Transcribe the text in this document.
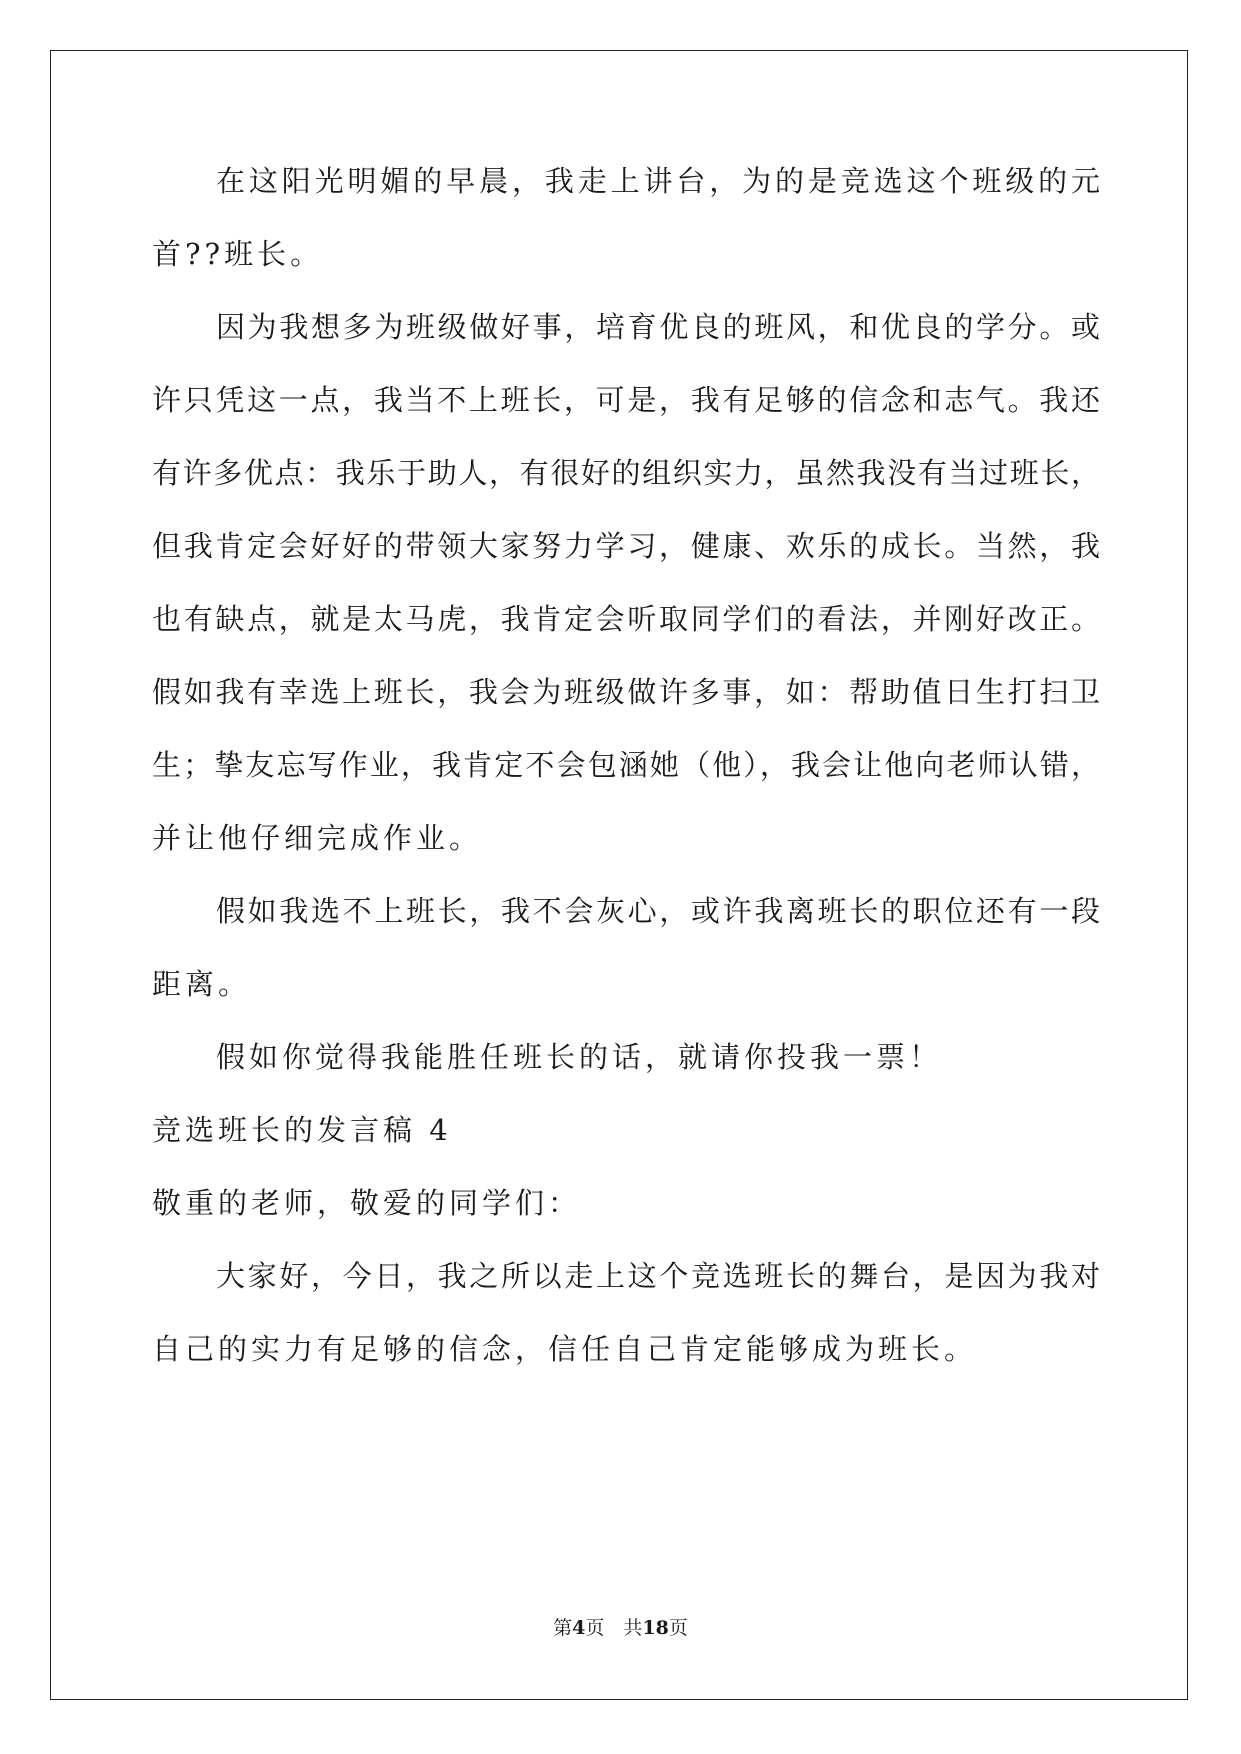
在这阳光明媚的早晨，我走上讲台，为的是竞选这个班级的元
首??班长。
因为我想多为班级做好事，培育优良的班风，和优良的学分。或
许只凭这一点，我当不上班长，可是，我有足够的信念和志气。我还
有许多优点：我乐于助人，有很好的组织实力，虽然我没有当过班长，
但我肯定会好好的带领大家努力学习，健康、欢乐的成长。当然，我
也有缺点，就是太马虎，我肯定会听取同学们的看法，并刚好改正。
假如我有幸选上班长，我会为班级做许多事，如：帮助值日生打扫卫
生；挚友忘写作业，我肯定不会包涵她（他），我会让他向老师认错，
并让他仔细完成作业。
假如我选不上班长，我不会灰心，或许我离班长的职位还有一段
距离。
假如你觉得我能胜任班长的话，就请你投我一票！
竞选班长的发言稿 4
敬重的老师，敬爱的同学们：
大家好，今日，我之所以走上这个竞选班长的舞台，是因为我对
自己的实力有足够的信念，信任自己肯定能够成为班长。
第4页　共18页
